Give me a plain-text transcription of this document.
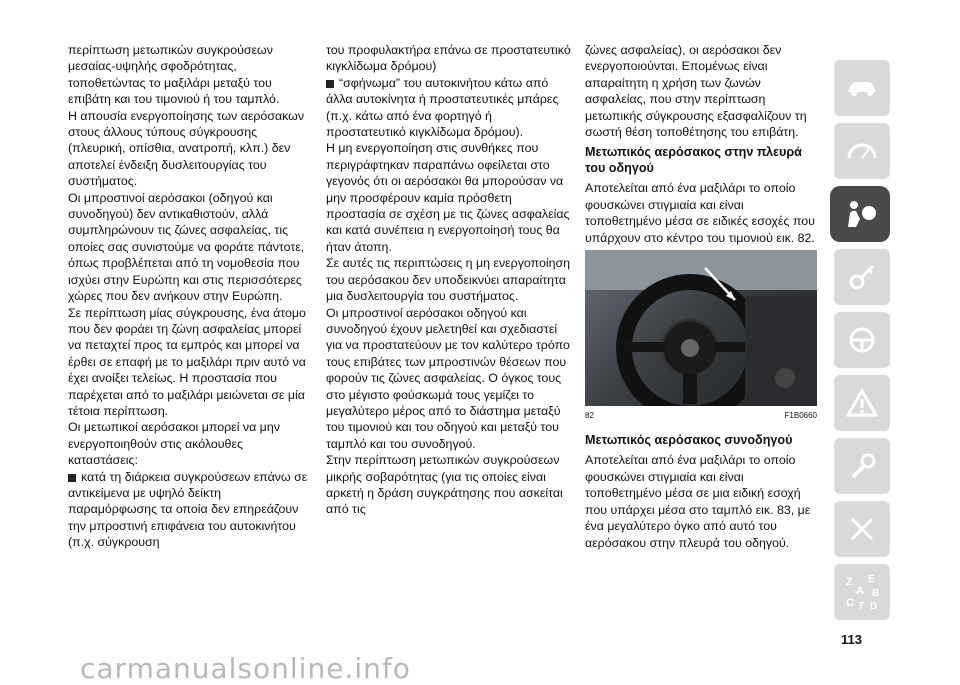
περίπτωση μετωπικών συγκρούσεων μεσαίας-υψηλής σφοδρότητας, τοποθετώντας το μαξιλάρι μεταξύ του επιβάτη και του τιμονιού ή του ταμπλό.

Η απουσία ενεργοποίησης των αερόσακων στους άλλους τύπους σύγκρουσης (πλευρική, οπίσθια, ανατροπή, κλπ.) δεν αποτελεί ένδειξη δυσλειτουργίας του συστήματος.

Οι μπροστινοί αερόσακοι (οδηγού και συνοδηγού) δεν αντικαθιστούν, αλλά συμπληρώνουν τις ζώνες ασφαλείας, τις οποίες σας συνιστούμε να φοράτε πάντοτε, όπως προβλέπεται από τη νομοθεσία που ισχύει στην Ευρώπη και στις περισσότερες χώρες που δεν ανήκουν στην Ευρώπη.

Σε περίπτωση μίας σύγκρουσης, ένα άτομο που δεν φοράει τη ζώνη ασφαλείας μπορεί να πεταχτεί προς τα εμπρός και μπορεί να έρθει σε επαφή με το μαξιλάρι πριν αυτό να έχει ανοίξει τελείως. Η προστασία που παρέχεται από το μαξιλάρι μειώνεται σε μία τέτοια περίπτωση.

Οι μετωπικοί αερόσακοι μπορεί να μην ενεργοποιηθούν στις ακόλουθες καταστάσεις:

κατά τη διάρκεια συγκρούσεων επάνω σε αντικείμενα με υψηλό δείκτη παραμόρφωσης τα οποία δεν επηρεάζουν την μπροστινή επιφάνεια του αυτοκινήτου (π.χ. σύγκρουση

του προφυλακτήρα επάνω σε προστατευτικό κιγκλίδωμα δρόμου)

“σφήνωμα” του αυτοκινήτου κάτω από άλλα αυτοκίνητα ή προστατευτικές μπάρες (π.χ. κάτω από ένα φορτηγό ή προστατευτικό κιγκλίδωμα δρόμου).

Η μη ενεργοποίηση στις συνθήκες που περιγράφτηκαν παραπάνω οφείλεται στο γεγονός ότι οι αερόσακοι θα μπορούσαν να μην προσφέρουν καμία πρόσθετη προστασία σε σχέση με τις ζώνες ασφαλείας και κατά συνέπεια η ενεργοποίησή τους θα ήταν άτοπη.

Σε αυτές τις περιπτώσεις η μη ενεργοποίηση του αερόσακου δεν υποδεικνύει απαραίτητα μια δυσλειτουργία του συστήματος.

Οι μπροστινοί αερόσακοι οδηγού και συνοδηγού έχουν μελετηθεί και σχεδιαστεί για να προστατεύουν με τον καλύτερο τρόπο τους επιβάτες των μπροστινών θέσεων που φορούν τις ζώνες ασφαλείας. Ο όγκος τους στο μέγιστο φούσκωμά τους γεμίζει το μεγαλύτερο μέρος από το διάστημα μεταξύ του τιμονιού και του οδηγού και μεταξύ του ταμπλό και του συνοδηγού.

Στην περίπτωση μετωπικών συγκρούσεων μικρής σοβαρότητας (για τις οποίες είναι αρκετή η δράση συγκράτησης που ασκείται από τις

ζώνες ασφαλείας), οι αερόσακοι δεν ενεργοποιούνται. Επομένως είναι απαραίτητη η χρήση των ζωνών ασφαλείας, που στην περίπτωση μετωπικής σύγκρουσης εξασφαλίζουν τη σωστή θέση τοποθέτησης του επιβάτη.

Μετωπικός αερόσακος στην πλευρά του οδηγού

Αποτελείται από ένα μαξιλάρι το οποίο φουσκώνει στιγμιαία και είναι τοποθετημένο μέσα σε ειδικές εσοχές που υπάρχουν στο κέντρο του τιμονιού εικ. 82.

82	F1B0660
Μετωπικός αερόσακος συνοδηγού

Αποτελείται από ένα μαξιλάρι το οποίο φουσκώνει στιγμιαία και είναι τοποθετημένο μέσα σε μια ειδική εσοχή που υπάρχει μέσα στο ταμπλό εικ. 83, με ένα μεγαλύτερο όγκο από αυτό του αερόσακου στην πλευρά του οδηγού.

Z E
A B
C T D
113
carmanualsonline.info
